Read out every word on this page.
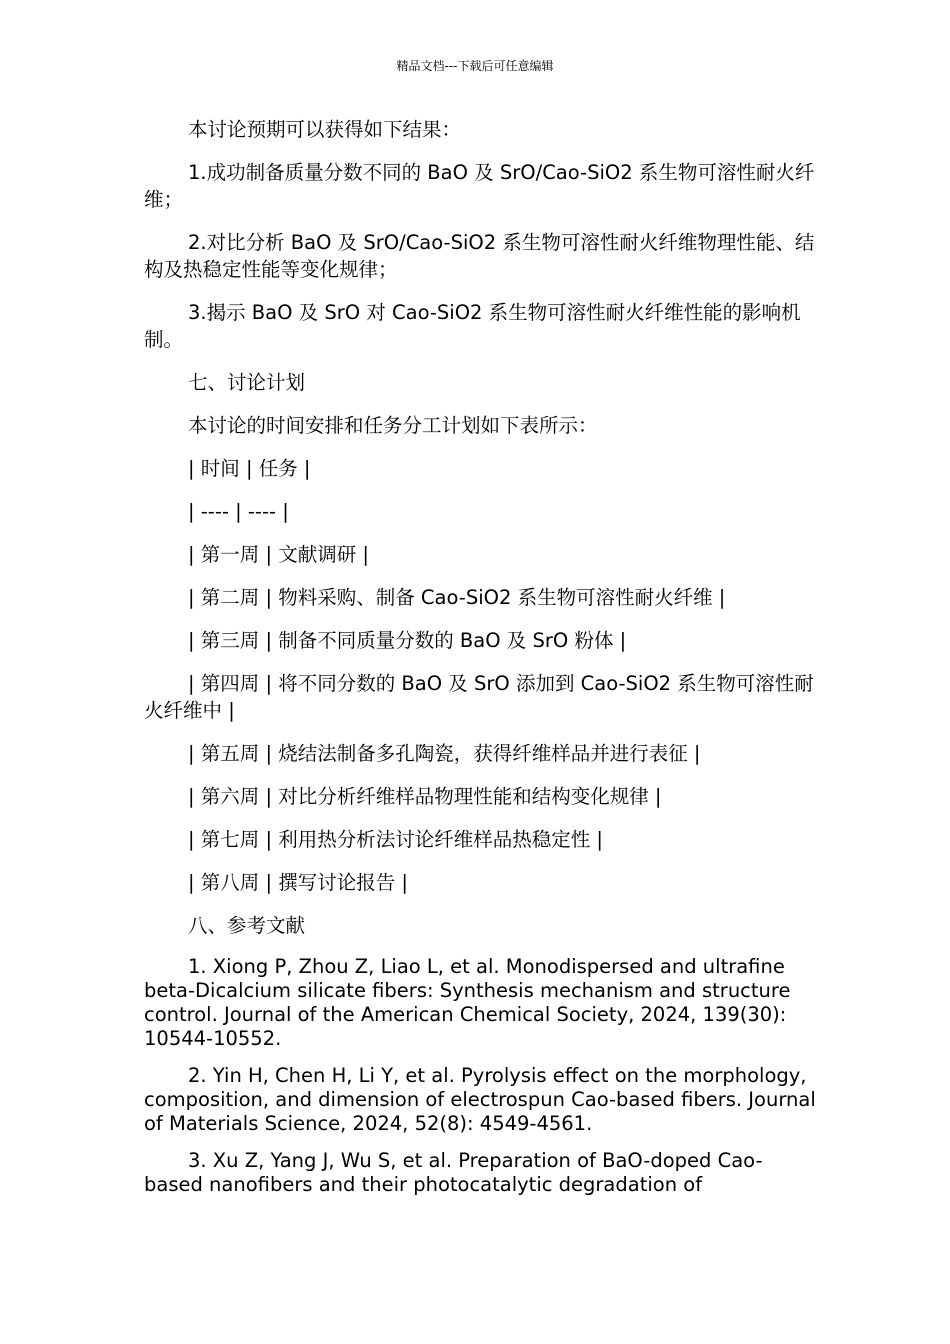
精品文档---下载后可任意编辑

本讨论预期可以获得如下结果：

1.成功制备质量分数不同的 BaO 及 SrO/Cao-SiO2 系生物可溶性耐火纤维；

2.对比分析 BaO 及 SrO/Cao-SiO2 系生物可溶性耐火纤维物理性能、结构及热稳定性能等变化规律；

3.揭示 BaO 及 SrO 对 Cao-SiO2 系生物可溶性耐火纤维性能的影响机制。

七、讨论计划

本讨论的时间安排和任务分工计划如下表所示：

| 时间 | 任务 |

| ---- | ---- |

| 第一周 | 文献调研 |

| 第二周 | 物料采购、制备 Cao-SiO2 系生物可溶性耐火纤维 |

| 第三周 | 制备不同质量分数的 BaO 及 SrO 粉体 |

| 第四周 | 将不同分数的 BaO 及 SrO 添加到 Cao-SiO2 系生物可溶性耐火纤维中 |

| 第五周 | 烧结法制备多孔陶瓷，获得纤维样品并进行表征 |

| 第六周 | 对比分析纤维样品物理性能和结构变化规律 |

| 第七周 | 利用热分析法讨论纤维样品热稳定性 |

| 第八周 | 撰写讨论报告 |

八、参考文献

1. Xiong P, Zhou Z, Liao L, et al. Monodispersed and ultrafine beta-Dicalcium silicate fibers: Synthesis mechanism and structure control. Journal of the American Chemical Society, 2024, 139(30): 10544-10552.

2. Yin H, Chen H, Li Y, et al. Pyrolysis effect on the morphology, composition, and dimension of electrospun Cao-based fibers. Journal of Materials Science, 2024, 52(8): 4549-4561.

3. Xu Z, Yang J, Wu S, et al. Preparation of BaO-doped Cao-based nanofibers and their photocatalytic degradation of
